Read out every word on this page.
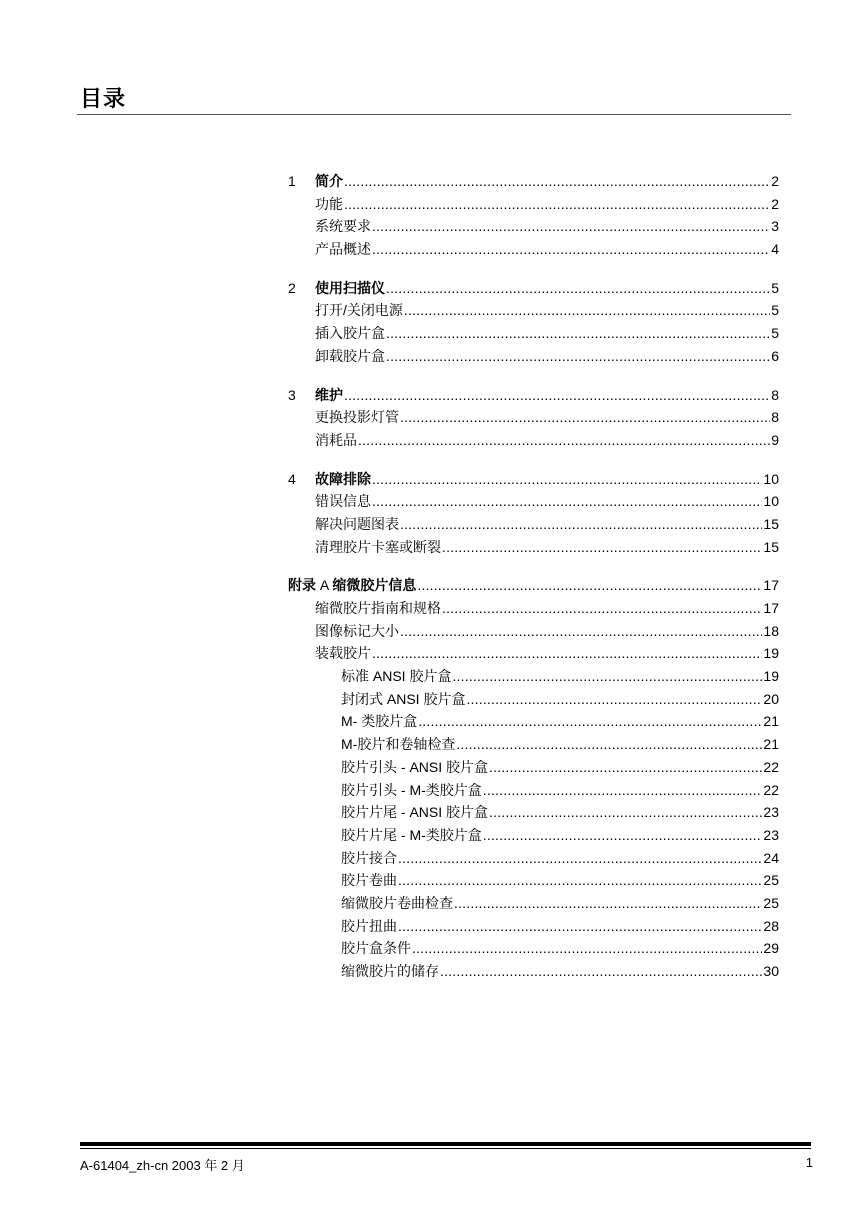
目录
1	简介 .....	2
功能 .....	2
系统要求 .....	3
产品概述 .....	4
2	使用扫描仪 .....	5
打开/关闭电源 .....	5
插入胶片盒 .....	5
卸载胶片盒 .....	6
3	维护 .....	8
更换投影灯管 .....	8
消耗品 .....	9
4	故障排除 .....	10
错误信息 .....	10
解决问题图表 .....	15
清理胶片卡塞或断裂 .....	15
附录 A 缩微胶片信息 .....	17
缩微胶片指南和规格 .....	17
图像标记大小 .....	18
装载胶片 .....	19
标准 ANSI 胶片盒 .....	19
封闭式 ANSI 胶片盒 .....	20
M- 类胶片盒 .....	21
M-胶片和卷轴检查 .....	21
胶片引头 - ANSI 胶片盒 .....	22
胶片引头 - M-类胶片盒 .....	22
胶片片尾 - ANSI 胶片盒 .....	23
胶片片尾 - M-类胶片盒 .....	23
胶片接合 .....	24
胶片卷曲 .....	25
缩微胶片卷曲检查 .....	25
胶片扭曲 .....	28
胶片盒条件 .....	29
缩微胶片的储存 .....	30
A-61404_zh-cn 2003 年 2 月	1
